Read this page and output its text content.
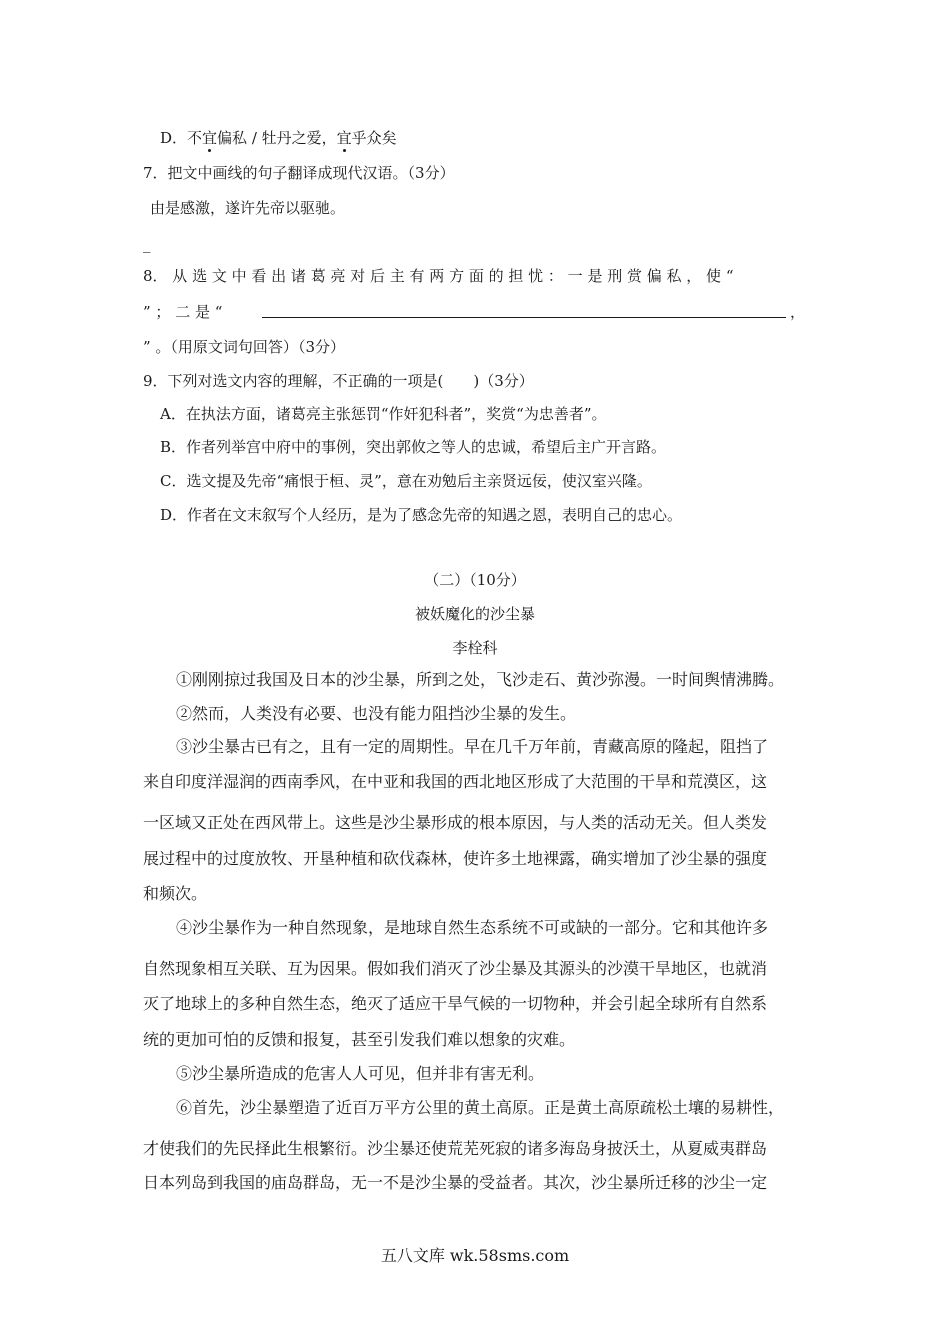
D．不宜偏私 / 牡丹之爱，宜乎众矣
7．把文中画线的句子翻译成现代汉语。（3分）
由是感激，遂许先帝以驱驰。
_
8． 从 选 文 中 看 出 诸 葛 亮 对 后 主 有 两 方 面 的 担 忧 ： 一 是 刑 赏 偏 私 ， 使 “
” ； 二 是 “	，
” 。（用原文词句回答）（3分）
9．下列对选文内容的理解，不正确的一项是(　　)（3分）
A．在执法方面，诸葛亮主张惩罚“作奸犯科者”，奖赏“为忠善者”。
B．作者列举宫中府中的事例，突出郭攸之等人的忠诚，希望后主广开言路。
C．选文提及先帝“痛恨于桓、灵”，意在劝勉后主亲贤远佞，使汉室兴隆。
D．作者在文末叙写个人经历，是为了感念先帝的知遇之恩，表明自己的忠心。
（二）（10分）
被妖魔化的沙尘暴
李栓科
①刚刚掠过我国及日本的沙尘暴，所到之处，飞沙走石、黄沙弥漫。一时间舆情沸腾。
②然而，人类没有必要、也没有能力阻挡沙尘暴的发生。
③沙尘暴古已有之，且有一定的周期性。早在几千万年前，青藏高原的隆起，阻挡了
来自印度洋湿润的西南季风，在中亚和我国的西北地区形成了大范围的干旱和荒漠区，这
一区域又正处在西风带上。这些是沙尘暴形成的根本原因，与人类的活动无关。但人类发
展过程中的过度放牧、开垦种植和砍伐森林，使许多土地裸露，确实增加了沙尘暴的强度
和频次。
④沙尘暴作为一种自然现象，是地球自然生态系统不可或缺的一部分。它和其他许多
自然现象相互关联、互为因果。假如我们消灭了沙尘暴及其源头的沙漠干旱地区，也就消
灭了地球上的多种自然生态，绝灭了适应干旱气候的一切物种，并会引起全球所有自然系
统的更加可怕的反馈和报复，甚至引发我们难以想象的灾难。
⑤沙尘暴所造成的危害人人可见，但并非有害无利。
⑥首先，沙尘暴塑造了近百万平方公里的黄土高原。正是黄土高原疏松土壤的易耕性，
才使我们的先民择此生根繁衍。沙尘暴还使荒芜死寂的诸多海岛身披沃土，从夏威夷群岛
日本列岛到我国的庙岛群岛，无一不是沙尘暴的受益者。其次，沙尘暴所迁移的沙尘一定
五八文库 wk.58sms.com
